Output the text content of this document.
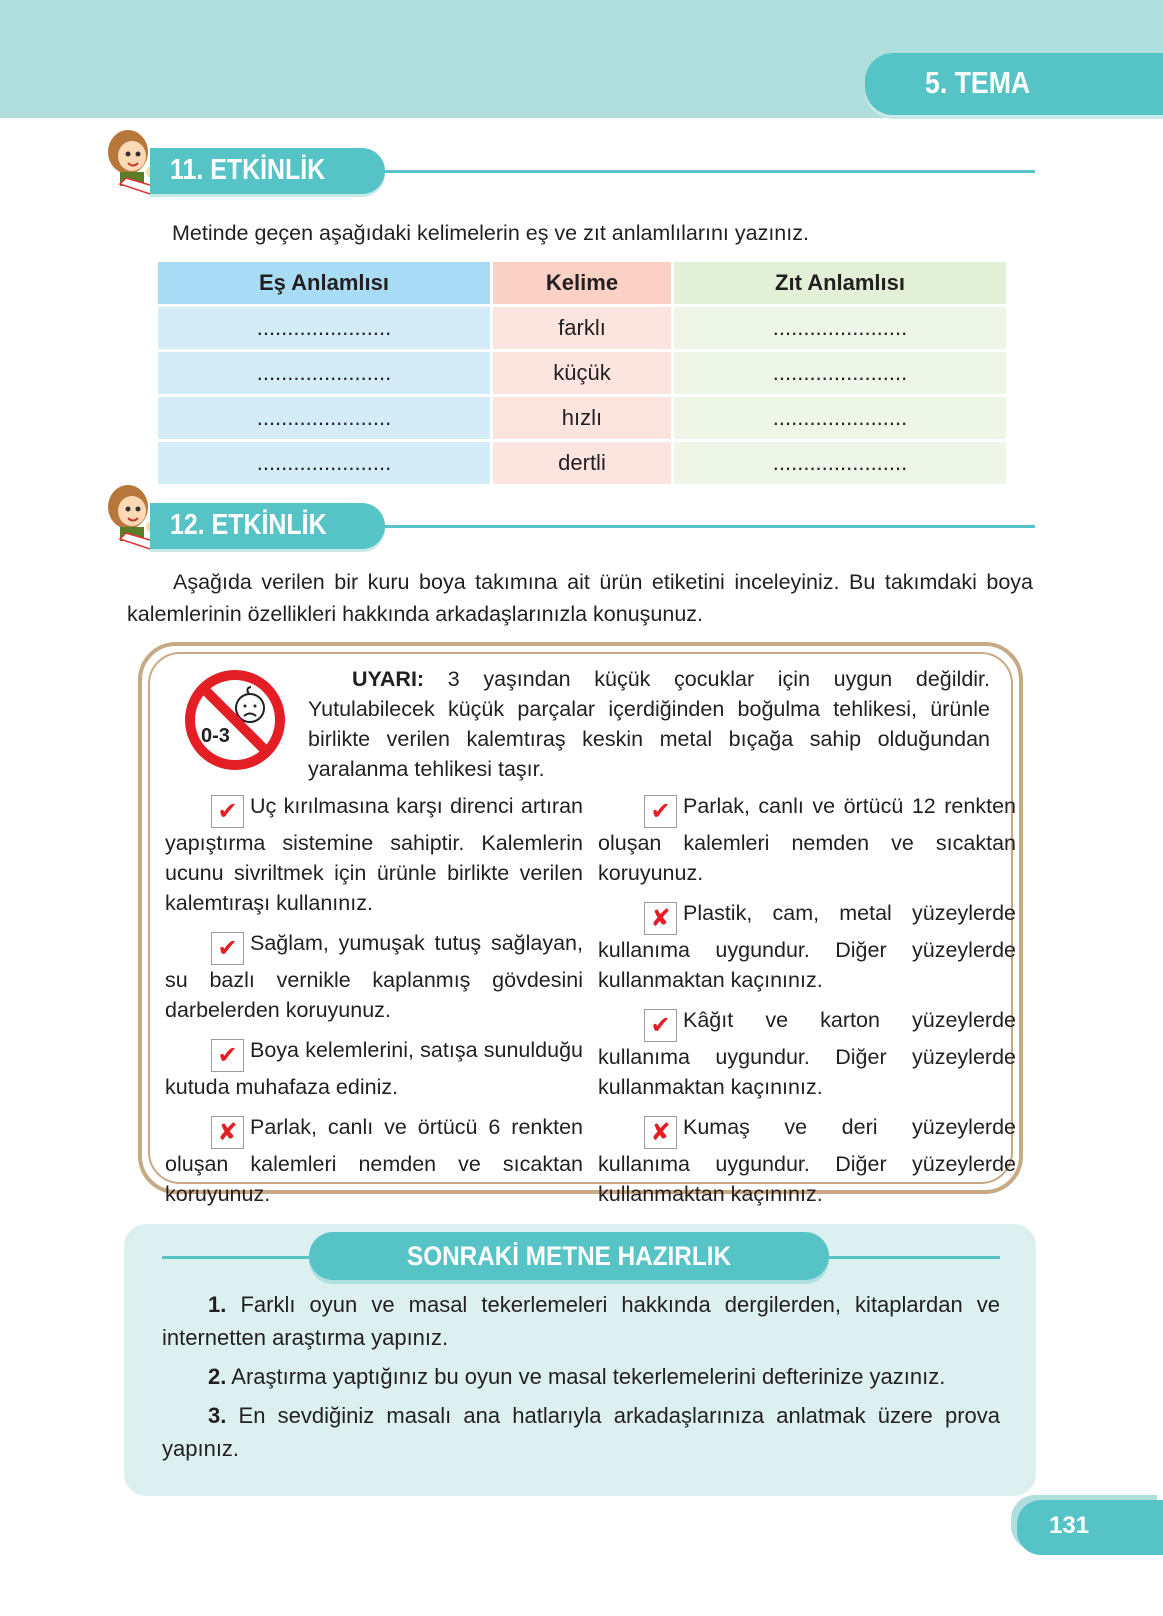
5. TEMA
11. ETKİNLİK
Metinde geçen aşağıdaki kelimelerin eş ve zıt anlamlılarını yazınız.
Eş Anlamlısı	Kelime	Zıt Anlamlısı
......................	farklı	......................
......................	küçük	......................
......................	hızlı	......................
......................	dertli	......................
12. ETKİNLİK
Aşağıda verilen bir kuru boya takımına ait ürün etiketini inceleyiniz. Bu takımdaki boya kalemlerinin özellikleri hakkında arkadaşlarınızla konuşunuz.
0-3
UYARI: 3 yaşından küçük çocuklar için uygun değildir. Yutulabilecek küçük parçalar içerdiğinden boğulma tehlikesi, ürünle birlikte verilen kalemtıraş keskin metal bıçağa sahip olduğundan yaralanma tehlikesi taşır.
✔ Uç kırılmasına karşı direnci artıran yapıştırma sistemine sahiptir. Kalemlerin ucunu sivriltmek için ürünle birlikte verilen kalemtıraşı kullanınız.
✔ Sağlam, yumuşak tutuş sağlayan, su bazlı vernikle kaplanmış gövdesini darbelerden koruyunuz.
✔ Boya kelemlerini, satışa sunulduğu kutuda muhafaza ediniz.
✘ Parlak, canlı ve örtücü 6 renkten oluşan kalemleri nemden ve sıcaktan koruyunuz.
✔ Parlak, canlı ve örtücü 12 renkten oluşan kalemleri nemden ve sıcaktan koruyunuz.
✘ Plastik, cam, metal yüzeylerde kullanıma uygundur. Diğer yüzeylerde kullanmaktan kaçınınız.
✔ Kâğıt ve karton yüzeylerde kullanıma uygundur. Diğer yüzeylerde kullanmaktan kaçınınız.
✘ Kumaş ve deri yüzeylerde kullanıma uygundur. Diğer yüzeylerde kullanmaktan kaçınınız.
SONRAKİ METNE HAZIRLIK

1. Farklı oyun ve masal tekerlemeleri hakkında dergilerden, kitaplardan ve internetten araştırma yapınız.

2. Araştırma yaptığınız bu oyun ve masal tekerlemelerini defterinize yazınız.

3. En sevdiğiniz masalı ana hatlarıyla arkadaşlarınıza anlatmak üzere prova yapınız.

131
